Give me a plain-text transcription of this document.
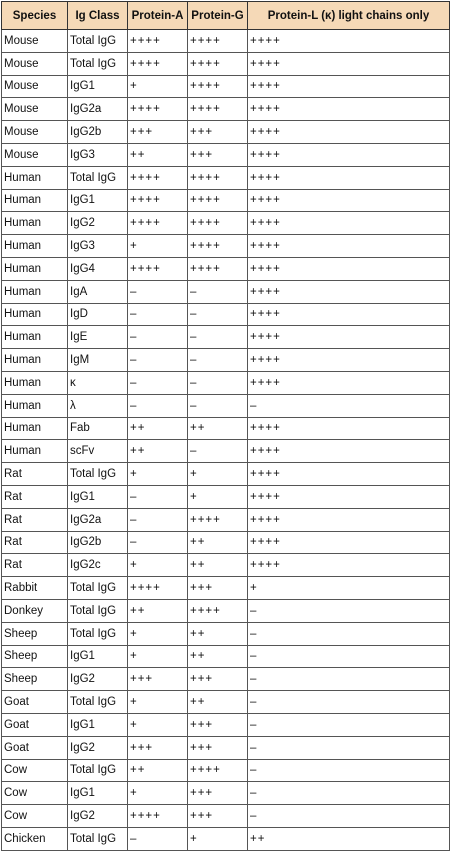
Species	Ig Class	Protein-A	Protein-G	Protein-L (κ) light chains only
Mouse	Total IgG	++++	++++	++++
Mouse	Total IgG	++++	++++	++++
Mouse	IgG1	+	++++	++++
Mouse	IgG2a	++++	++++	++++
Mouse	IgG2b	+++	+++	++++
Mouse	IgG3	++	+++	++++
Human	Total IgG	++++	++++	++++
Human	IgG1	++++	++++	++++
Human	IgG2	++++	++++	++++
Human	IgG3	+	++++	++++
Human	IgG4	++++	++++	++++
Human	IgA	–	–	++++
Human	IgD	–	–	++++
Human	IgE	–	–	++++
Human	IgM	–	–	++++
Human	κ	–	–	++++
Human	λ	–	–	–
Human	Fab	++	++	++++
Human	scFv	++	–	++++
Rat	Total IgG	+	+	++++
Rat	IgG1	–	+	++++
Rat	IgG2a	–	++++	++++
Rat	IgG2b	–	++	++++
Rat	IgG2c	+	++	++++
Rabbit	Total IgG	++++	+++	+
Donkey	Total IgG	++	++++	–
Sheep	Total IgG	+	++	–
Sheep	IgG1	+	++	–
Sheep	IgG2	+++	+++	–
Goat	Total IgG	+	++	–
Goat	IgG1	+	+++	–
Goat	IgG2	+++	+++	–
Cow	Total IgG	++	++++	–
Cow	IgG1	+	+++	–
Cow	IgG2	++++	+++	–
Chicken	Total IgG	–	+	++
